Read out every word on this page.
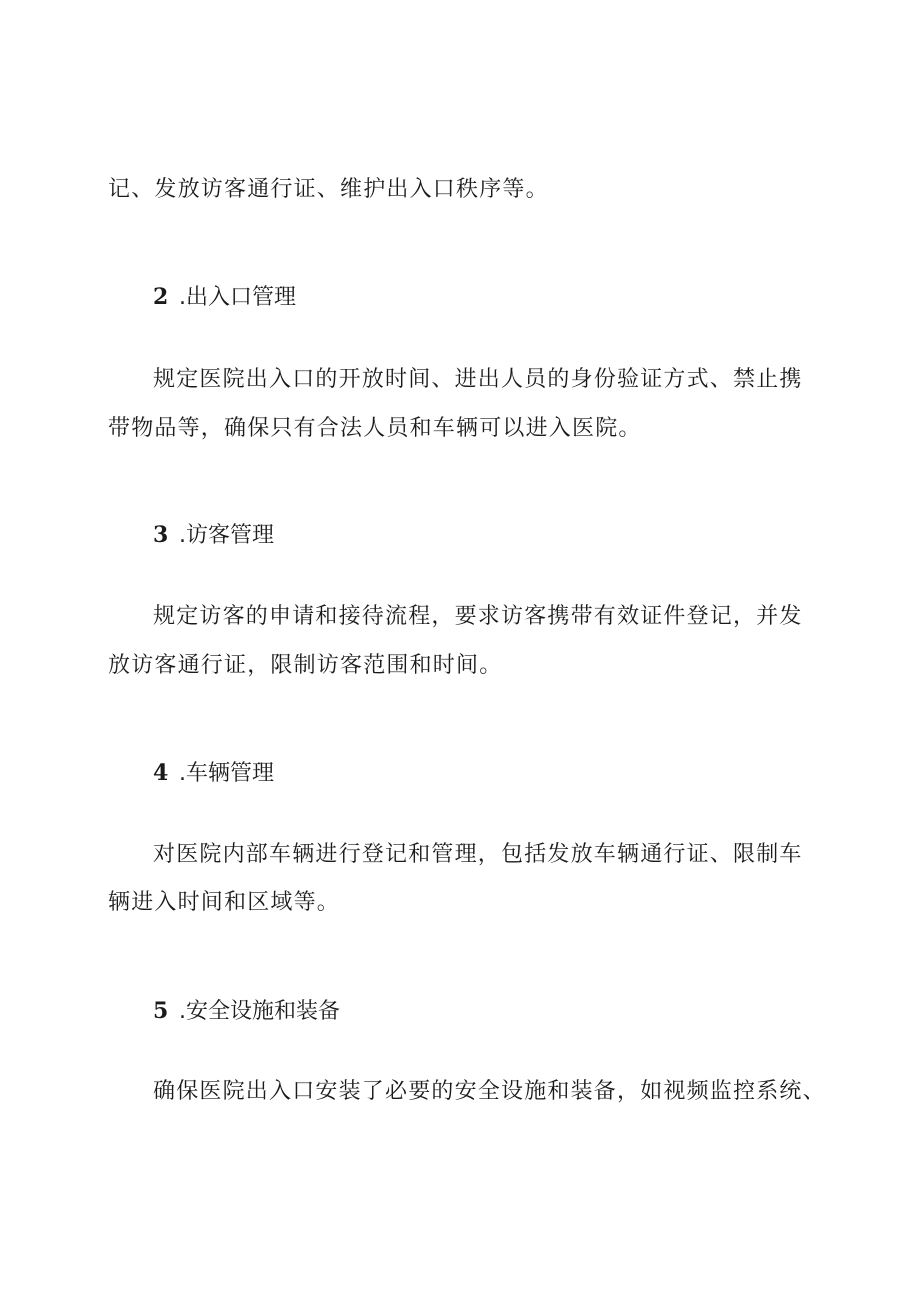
记、发放访客通行证、维护出入口秩序等。
2 .出入口管理
规定医院出入口的开放时间、进出人员的身份验证方式、禁止携
带物品等，确保只有合法人员和车辆可以进入医院。
3 .访客管理
规定访客的申请和接待流程，要求访客携带有效证件登记，并发
放访客通行证，限制访客范围和时间。
4 .车辆管理
对医院内部车辆进行登记和管理，包括发放车辆通行证、限制车
辆进入时间和区域等。
5 .安全设施和装备
确保医院出入口安装了必要的安全设施和装备，如视频监控系统、
